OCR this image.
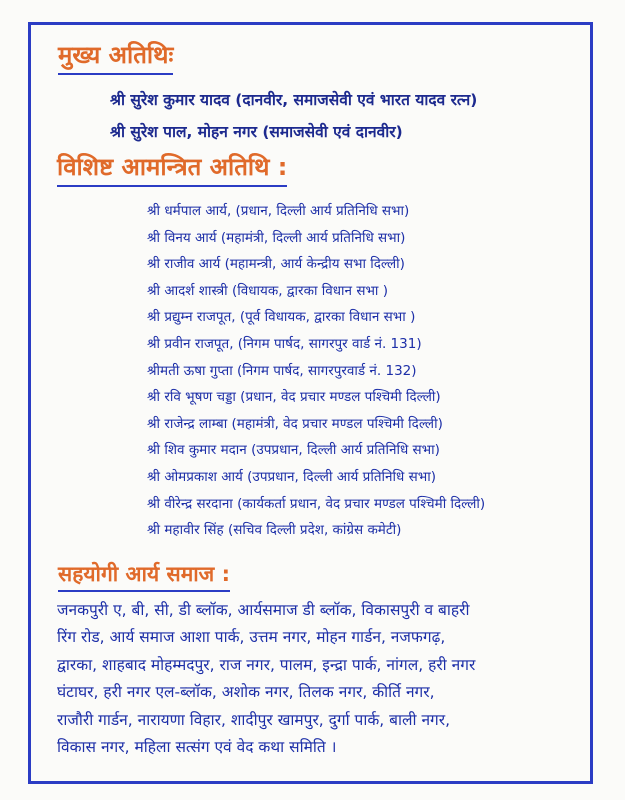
मुख्य अतिथिः
श्री सुरेश कुमार यादव (दानवीर, समाजसेवी एवं भारत यादव रत्न)
श्री सुरेश पाल, मोहन नगर (समाजसेवी एवं दानवीर)
विशिष्ट आमन्त्रित अतिथि :
श्री धर्मपाल आर्य, (प्रधान, दिल्ली आर्य प्रतिनिधि सभा)
श्री विनय आर्य (महामंत्री, दिल्ली आर्य प्रतिनिधि सभा)
श्री राजीव आर्य (महामन्त्री, आर्य केन्द्रीय सभा दिल्ली)
श्री आदर्श शास्त्री (विधायक, द्वारका विधान सभा )
श्री प्रद्युम्न राजपूत, (पूर्व विधायक, द्वारका विधान सभा )
श्री प्रवीन राजपूत, (निगम पार्षद, सागरपुर वार्ड नं. 131)
श्रीमती ऊषा गुप्ता (निगम पार्षद, सागरपुरवार्ड नं. 132)
श्री रवि भूषण चड्डा (प्रधान, वेद प्रचार मण्डल पश्चिमी दिल्ली)
श्री राजेन्द्र लाम्बा (महामंत्री, वेद प्रचार मण्डल पश्चिमी दिल्ली)
श्री शिव कुमार मदान (उपप्रधान, दिल्ली आर्य प्रतिनिधि सभा)
श्री ओमप्रकाश आर्य (उपप्रधान, दिल्ली आर्य प्रतिनिधि सभा)
श्री वीरेन्द्र सरदाना (कार्यकर्ता प्रधान, वेद प्रचार मण्डल पश्चिमी दिल्ली)
श्री महावीर सिंह (सचिव दिल्ली प्रदेश, कांग्रेस कमेटी)
सहयोगी आर्य समाज :
जनकपुरी ए, बी, सी, डी ब्लॉक, आर्यसमाज डी ब्लॉक, विकासपुरी व बाहरी
रिंग रोड, आर्य समाज आशा पार्क, उत्तम नगर, मोहन गार्डन, नजफगढ़,
द्वारका, शाहबाद मोहम्मदपुर, राज नगर, पालम, इन्द्रा पार्क, नांगल, हरी नगर
घंटाघर, हरी नगर एल-ब्लॉक, अशोक नगर, तिलक नगर, कीर्ति नगर,
राजौरी गार्डन, नारायणा विहार, शादीपुर खामपुर, दुर्गा पार्क, बाली नगर,
विकास नगर, महिला सत्संग एवं वेद कथा समिति ।
